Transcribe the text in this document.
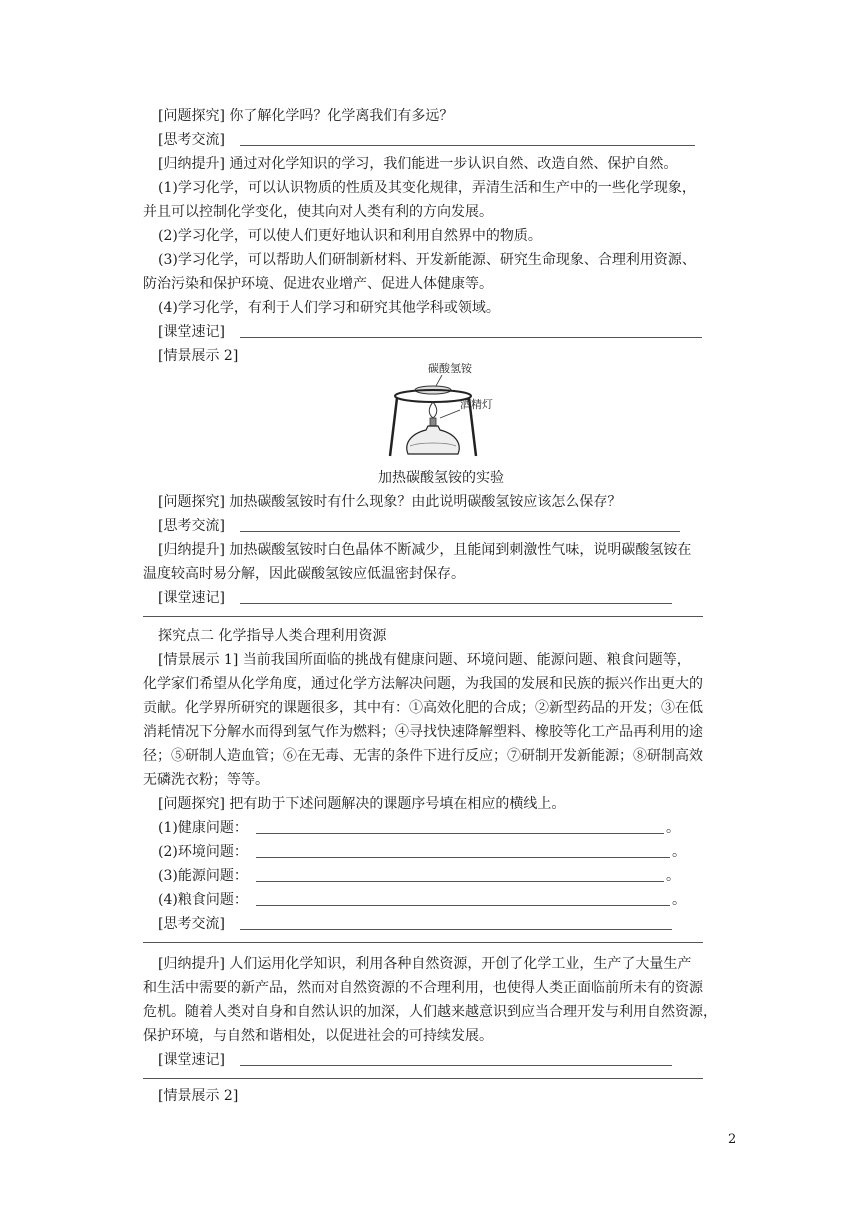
[问题探究] 你了解化学吗？化学离我们有多远？
[思考交流]
[归纳提升] 通过对化学知识的学习，我们能进一步认识自然、改造自然、保护自然。
(1)学习化学，可以认识物质的性质及其变化规律，弄清生活和生产中的一些化学现象，
并且可以控制化学变化，使其向对人类有利的方向发展。
(2)学习化学，可以使人们更好地认识和利用自然界中的物质。
(3)学习化学，可以帮助人们研制新材料、开发新能源、研究生命现象、合理利用资源、
防治污染和保护环境、促进农业增产、促进人体健康等。
(4)学习化学，有利于人们学习和研究其他学科或领域。
[课堂速记]
[情景展示 2]
碳酸氢铵
酒精灯
加热碳酸氢铵的实验
[问题探究] 加热碳酸氢铵时有什么现象？由此说明碳酸氢铵应该怎么保存？
[思考交流]
[归纳提升] 加热碳酸氢铵时白色晶体不断减少，且能闻到刺激性气味，说明碳酸氢铵在
温度较高时易分解，因此碳酸氢铵应低温密封保存。
[课堂速记]
探究点二 化学指导人类合理利用资源
[情景展示 1] 当前我国所面临的挑战有健康问题、环境问题、能源问题、粮食问题等，
化学家们希望从化学角度，通过化学方法解决问题，为我国的发展和民族的振兴作出更大的
贡献。化学界所研究的课题很多，其中有：①高效化肥的合成；②新型药品的开发；③在低
消耗情况下分解水而得到氢气作为燃料；④寻找快速降解塑料、橡胶等化工产品再利用的途
径；⑤研制人造血管；⑥在无毒、无害的条件下进行反应；⑦研制开发新能源；⑧研制高效
无磷洗衣粉；等等。
[问题探究] 把有助于下述问题解决的课题序号填在相应的横线上。
(1)健康问题：	。
(2)环境问题：	。
(3)能源问题：	。
(4)粮食问题：	。
[思考交流]
[归纳提升] 人们运用化学知识，利用各种自然资源，开创了化学工业，生产了大量生产
和生活中需要的新产品，然而对自然资源的不合理利用，也使得人类正面临前所未有的资源
危机。随着人类对自身和自然认识的加深，人们越来越意识到应当合理开发与利用自然资源，
保护环境，与自然和谐相处，以促进社会的可持续发展。
[课堂速记]
[情景展示 2]
2
